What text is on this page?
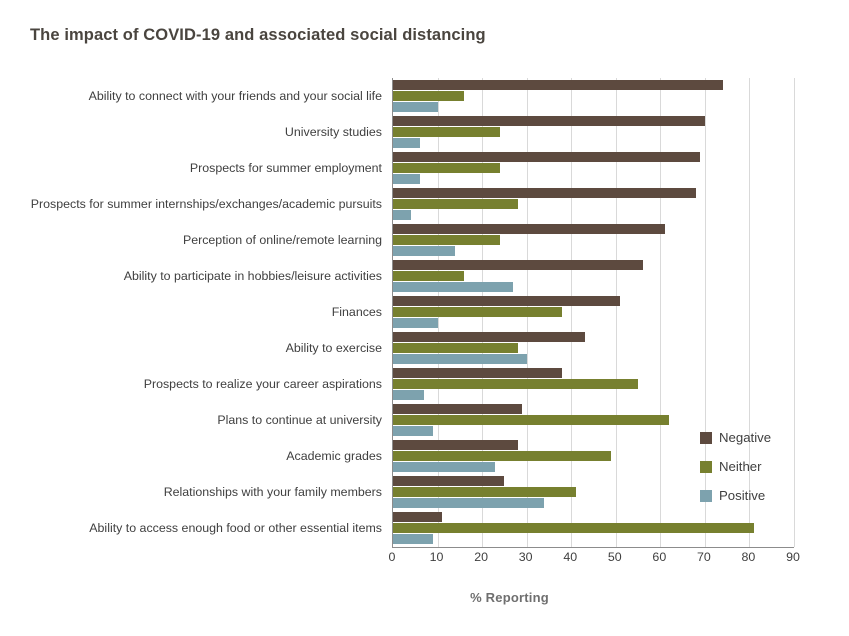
The impact of COVID-19 and associated social distancing
Ability to connect with your friends and your social life
University studies
Prospects for summer employment
Prospects for summer internships/exchanges/academic pursuits
Perception of online/remote learning
Ability to participate in hobbies/leisure activities
Finances
Ability to exercise
Prospects to realize your career aspirations
Plans to continue at university
Academic grades
Relationships with your family members
Ability to access enough food or other essential items
0	10 20 30 40 50 60 70 80 90
% Reporting
Negative
Neither
Positive
